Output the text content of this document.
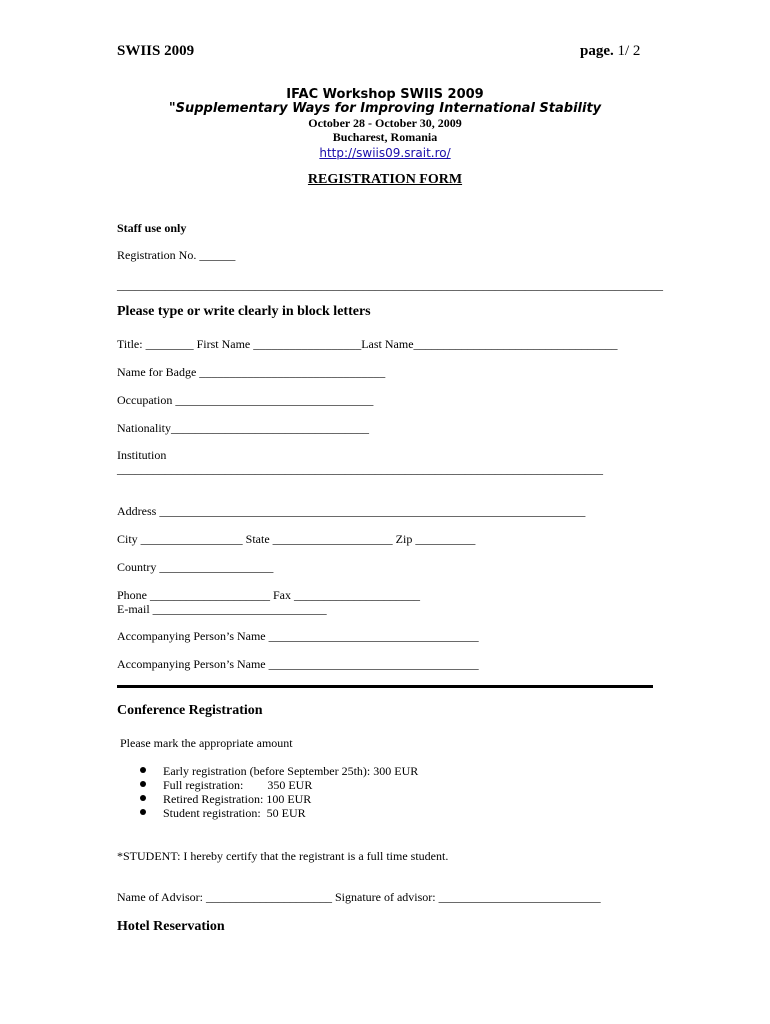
SWIIS 2009	page. 1/ 2
IFAC Workshop SWIIS 2009
"Supplementary Ways for Improving International Stability
October 28 - October 30, 2009
Bucharest, Romania
http://swiis09.srait.ro/
REGISTRATION FORM
Staff use only
Registration No. ______
___________________________________________________________________________________________
Please type or write clearly in block letters
Title: ________ First Name __________________Last Name__________________________________
Name for Badge _______________________________
Occupation _________________________________
Nationality_________________________________
Institution
_________________________________________________________________________________
Address _______________________________________________________________________
City _________________ State ____________________ Zip __________
Country ___________________
Phone ____________________ Fax _____________________
E-mail _____________________________
Accompanying Person’s Name ___________________________________
Accompanying Person’s Name ___________________________________
Conference Registration
Please mark the appropriate amount
Early registration (before September 25th): 300 EUR
Full registration:        350 EUR
Retired Registration: 100 EUR
Student registration:  50 EUR
*STUDENT: I hereby certify that the registrant is a full time student.
Name of Advisor: _____________________ Signature of advisor: ___________________________
Hotel Reservation
